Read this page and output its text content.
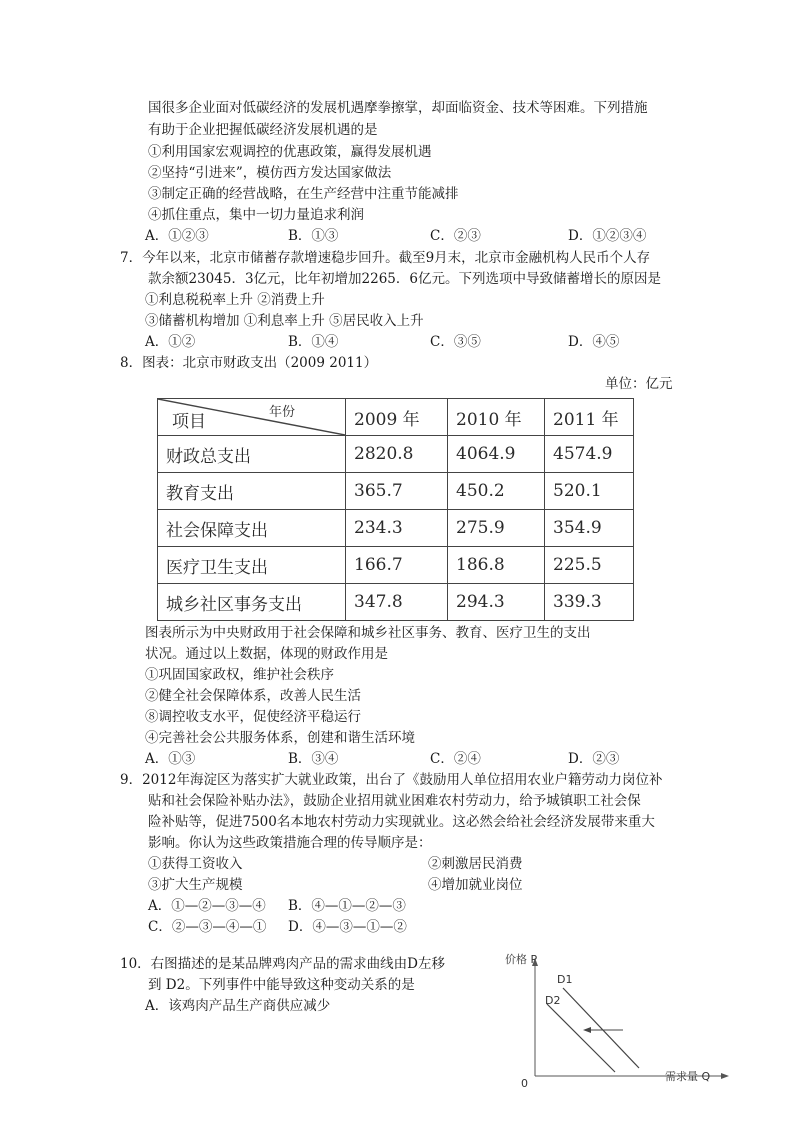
国很多企业面对低碳经济的发展机遇摩拳擦掌，却面临资金、技术等困难。下列措施
有助于企业把握低碳经济发展机遇的是
①利用国家宏观调控的优惠政策，赢得发展机遇
②坚持“引进来”，模仿西方发达国家做法
③制定正确的经营战略，在生产经营中注重节能减排
④抓住重点，集中一切力量追求利润
A．①②③	B．①③	C．②③	D．①②③④
7．今年以来，北京市储蓄存款增速稳步回升。截至9月末，北京市金融机构人民币个人存
款余额23045．3亿元，比年初增加2265．6亿元。下列选项中导致储蓄增长的原因是
①利息税税率上升 ②消费上升
③储蓄机构增加 ①利息率上升 ⑤居民收入上升
A．①②	B．①④	C．③⑤	D．④⑤
8．图表：北京市财政支出（2009 2011）
单位：亿元
年份
项目	2009 年	2010 年	2011 年
财政总支出	2820.8	4064.9	4574.9
教育支出	365.7	450.2	520.1
社会保障支出	234.3	275.9	354.9
医疗卫生支出	166.7	186.8	225.5
城乡社区事务支出	347.8	294.3	339.3
图表所示为中央财政用于社会保障和城乡社区事务、教育、医疗卫生的支出
状况。通过以上数据，体现的财政作用是
①巩固国家政权，维护社会秩序
②健全社会保障体系，改善人民生活
⑧调控收支水平，促使经济平稳运行
④完善社会公共服务体系，创建和谐生活环境
A．①③	B．③④	C．②④	D．②③
9．2012年海淀区为落实扩大就业政策，出台了《鼓励用人单位招用农业户籍劳动力岗位补
贴和社会保险补贴办法》，鼓励企业招用就业困难农村劳动力，给予城镇职工社会保
险补贴等，促进7500名本地农村劳动力实现就业。这必然会给社会经济发展带来重大
影响。你认为这些政策措施合理的传导顺序是：
①获得工资收入	②刺激居民消费
③扩大生产规模	④增加就业岗位
A．①—②—③—④ B．④—①—②—③
C．②—③—④—① D．④—③—①—②
10．右图描述的是某品牌鸡肉产品的需求曲线由D左移
到 D2。下列事件中能导致这种变动关系的是
A．该鸡肉产品生产商供应减少
价格 P
需求量 Q
0
D1
D2
